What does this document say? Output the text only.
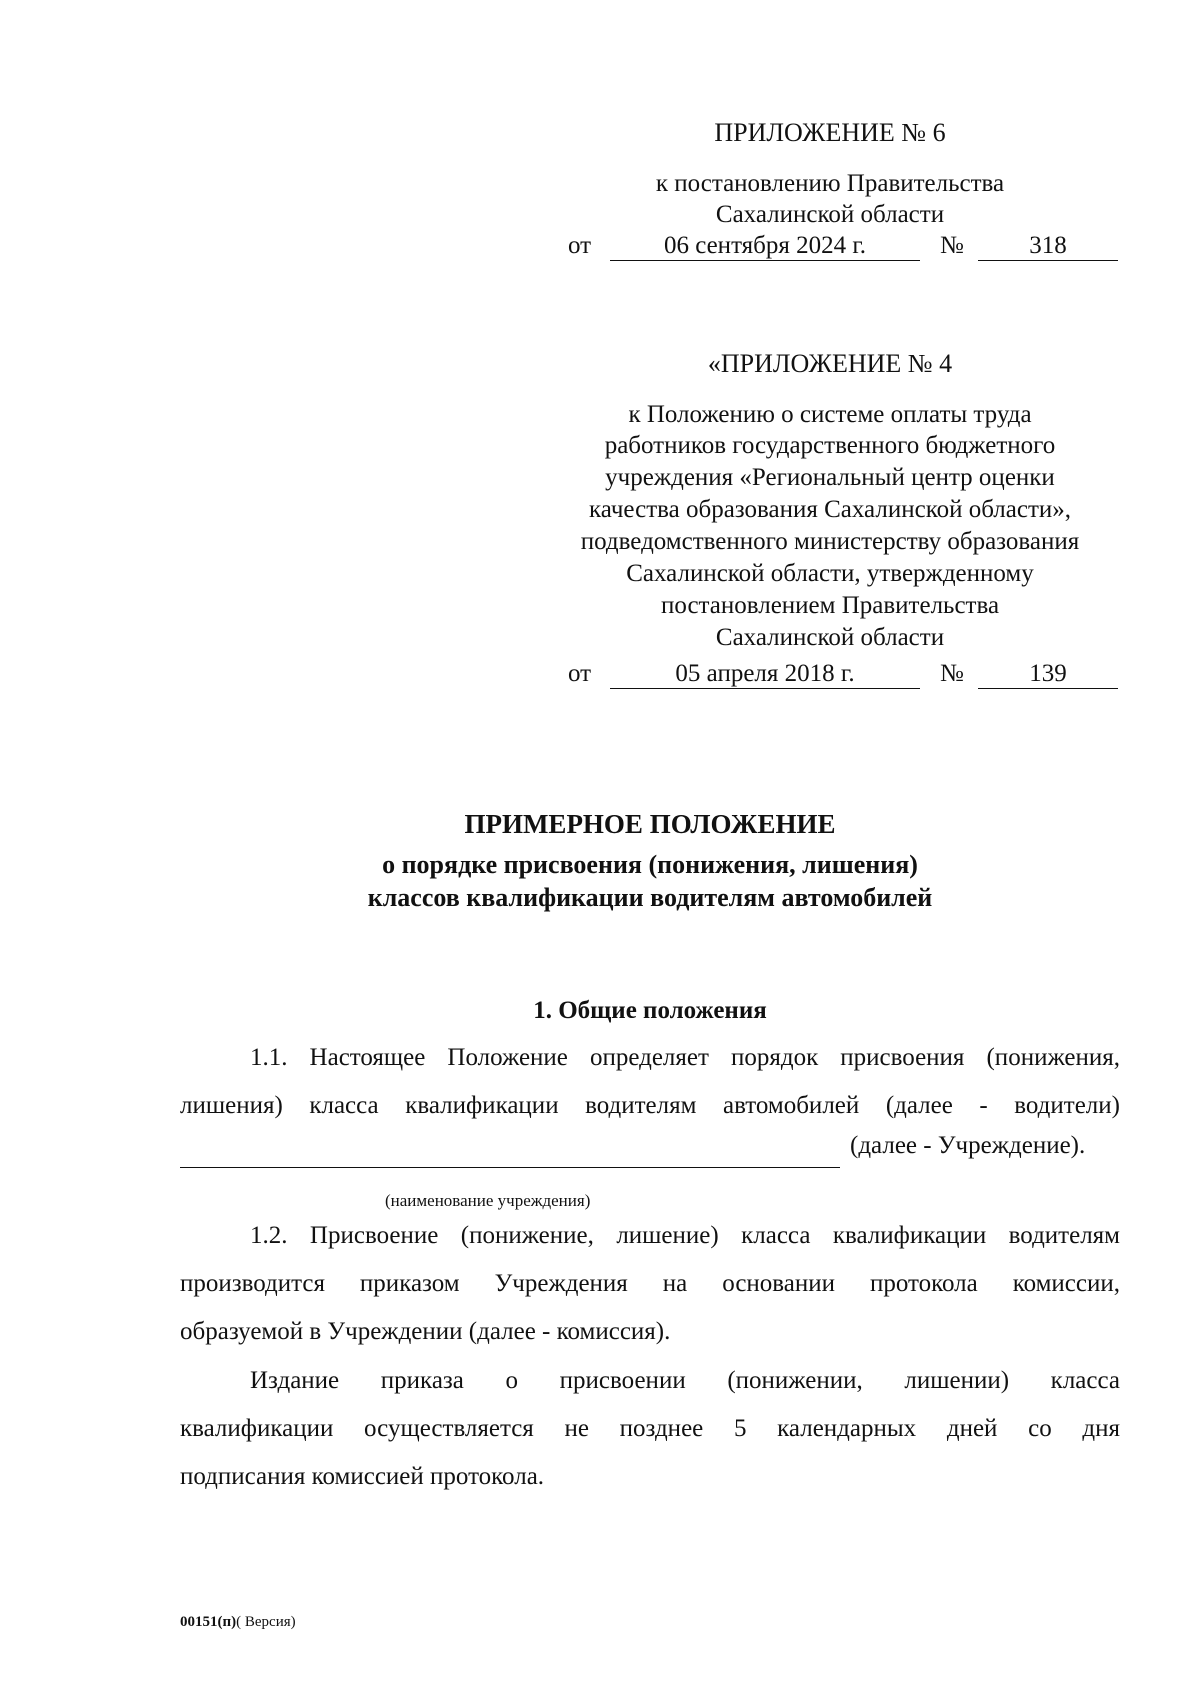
ПРИЛОЖЕНИЕ № 6
к постановлению Правительства
Сахалинской области
от	06 сентября 2024 г.	№	318
«ПРИЛОЖЕНИЕ № 4
к Положению о системе оплаты труда
работников государственного бюджетного
учреждения «Региональный центр оценки
качества образования Сахалинской области»,
подведомственного министерству образования
Сахалинской области, утвержденному
постановлением Правительства
Сахалинской области
от	05 апреля 2018 г.	№	139
ПРИМЕРНОЕ ПОЛОЖЕНИЕ
о порядке присвоения (понижения, лишения)
классов квалификации водителям автомобилей
1. Общие положения
1.1. Настоящее Положение определяет порядок присвоения (понижения,
лишения) класса квалификации водителям автомобилей (далее - водители)
(далее - Учреждение).
(наименование учреждения)
1.2. Присвоение (понижение, лишение) класса квалификации водителям
производится приказом Учреждения на основании протокола комиссии,
образуемой в Учреждении (далее - комиссия).
Издание приказа о присвоении (понижении, лишении) класса
квалификации осуществляется не позднее 5 календарных дней со дня
подписания комиссией протокола.
00151(п)( Версия)
